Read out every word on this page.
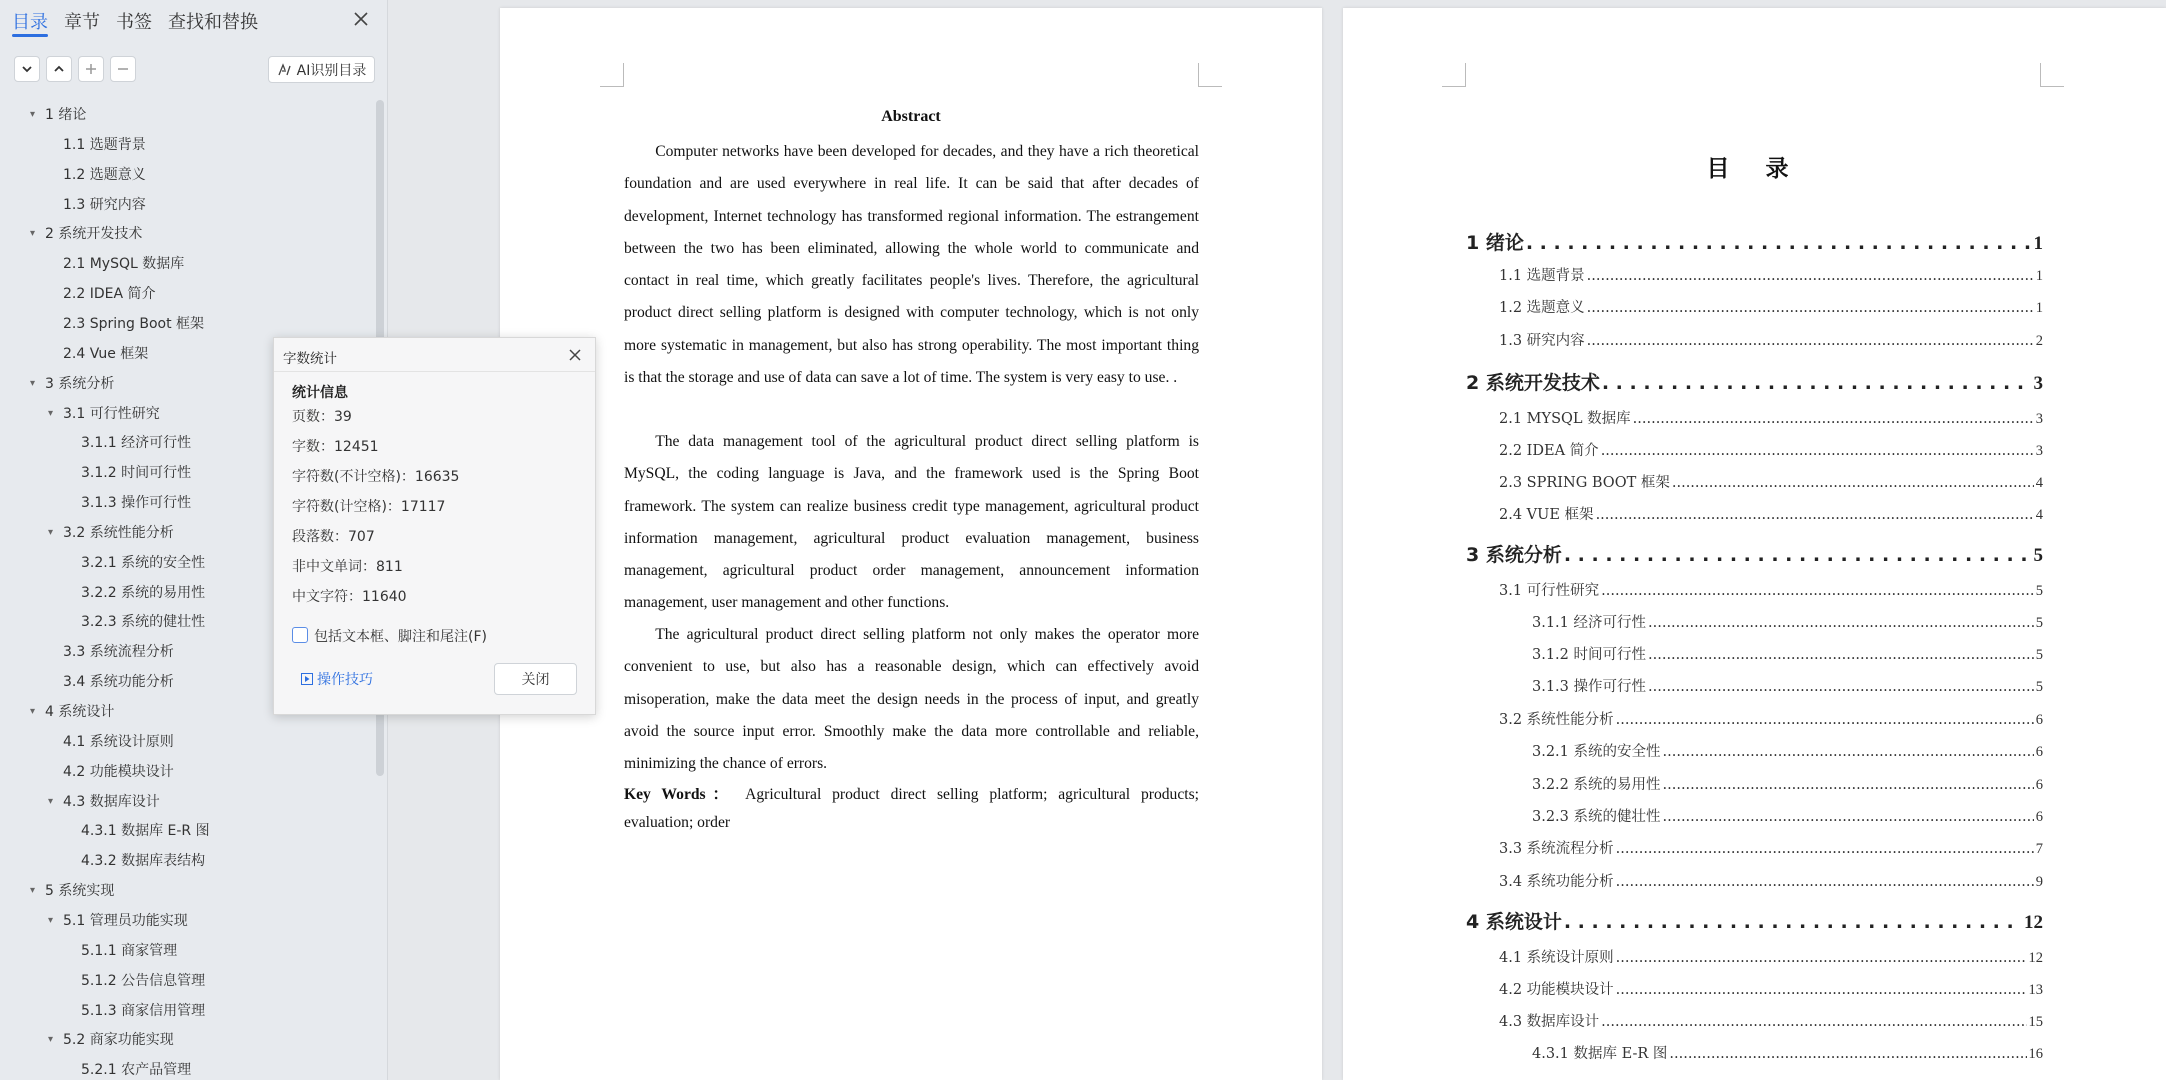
目录 章节 书签 查找和替换
AI识别目录
▾ 1 绪论
1.1 选题背景
1.2 选题意义
1.3 研究内容
▾ 2 系统开发技术
2.1 MySQL 数据库
2.2 IDEA 简介
2.3 Spring Boot 框架
2.4 Vue 框架
▾ 3 系统分析
▾ 3.1 可行性研究
3.1.1 经济可行性
3.1.2 时间可行性
3.1.3 操作可行性
▾ 3.2 系统性能分析
3.2.1 系统的安全性
3.2.2 系统的易用性
3.2.3 系统的健壮性
3.3 系统流程分析
3.4 系统功能分析
▾ 4 系统设计
4.1 系统设计原则
4.2 功能模块设计
▾ 4.3 数据库设计
4.3.1 数据库 E-R 图
4.3.2 数据库表结构
▾ 5 系统实现
▾ 5.1 管理员功能实现
5.1.1 商家管理
5.1.2 公告信息管理
5.1.3 商家信用管理
▾ 5.2 商家功能实现
5.2.1 农产品管理
Abstract
Computer networks have been developed for decades, and they have a rich theoretical foundation and are used everywhere in real life. It can be said that after decades of development, Internet technology has transformed regional information. The estrangement between the two has been eliminated, allowing the whole world to communicate and contact in real time, which greatly facilitates people's lives. Therefore, the agricultural product direct selling platform is designed with computer technology, which is not only more systematic in management, but also has strong operability. The most important thing is that the storage and use of data can save a lot of time. The system is very easy to use. .
The data management tool of the agricultural product direct selling platform is MySQL, the coding language is Java, and the framework used is the Spring Boot framework. The system can realize business credit type management, agricultural product information management, agricultural product evaluation management, business management, agricultural product order management, announcement information management, user management and other functions.
The agricultural product direct selling platform not only makes the operator more convenient to use, but also has a reasonable design, which can effectively avoid misoperation, make the data meet the design needs in the process of input, and greatly avoid the source input error. Smoothly make the data more controllable and reliable, minimizing the chance of errors.
Key Words： Agricultural product direct selling platform; agricultural products; evaluation; order
目 录
1 绪论 . . .	1
1.1 选题背景 .....	1
1.2 选题意义 .....	1
1.3 研究内容 .....	2
2 系统开发技术 . . .	3
2.1 MYSQL 数据库 .....	3
2.2 IDEA 简介 .....	3
2.3 SPRING BOOT 框架 .....	4
2.4 VUE 框架 .....	4
3 系统分析 . . .	5
3.1 可行性研究 .....	5
3.1.1 经济可行性 .....	5
3.1.2 时间可行性 .....	5
3.1.3 操作可行性 .....	5
3.2 系统性能分析 .....	6
3.2.1 系统的安全性 .....	6
3.2.2 系统的易用性 .....	6
3.2.3 系统的健壮性 .....	6
3.3 系统流程分析 .....	7
3.4 系统功能分析 .....	9
4 系统设计 . . .	12
4.1 系统设计原则 .....	12
4.2 功能模块设计 .....	13
4.3 数据库设计 .....	15
4.3.1 数据库 E-R 图 .....	16
字数统计
统计信息
页数：39
字数：12451
字符数(不计空格)：16635
字符数(计空格)：17117
段落数：707
非中文单词：811
中文字符：11640
包括文本框、脚注和尾注(F)
操作技巧	关闭
